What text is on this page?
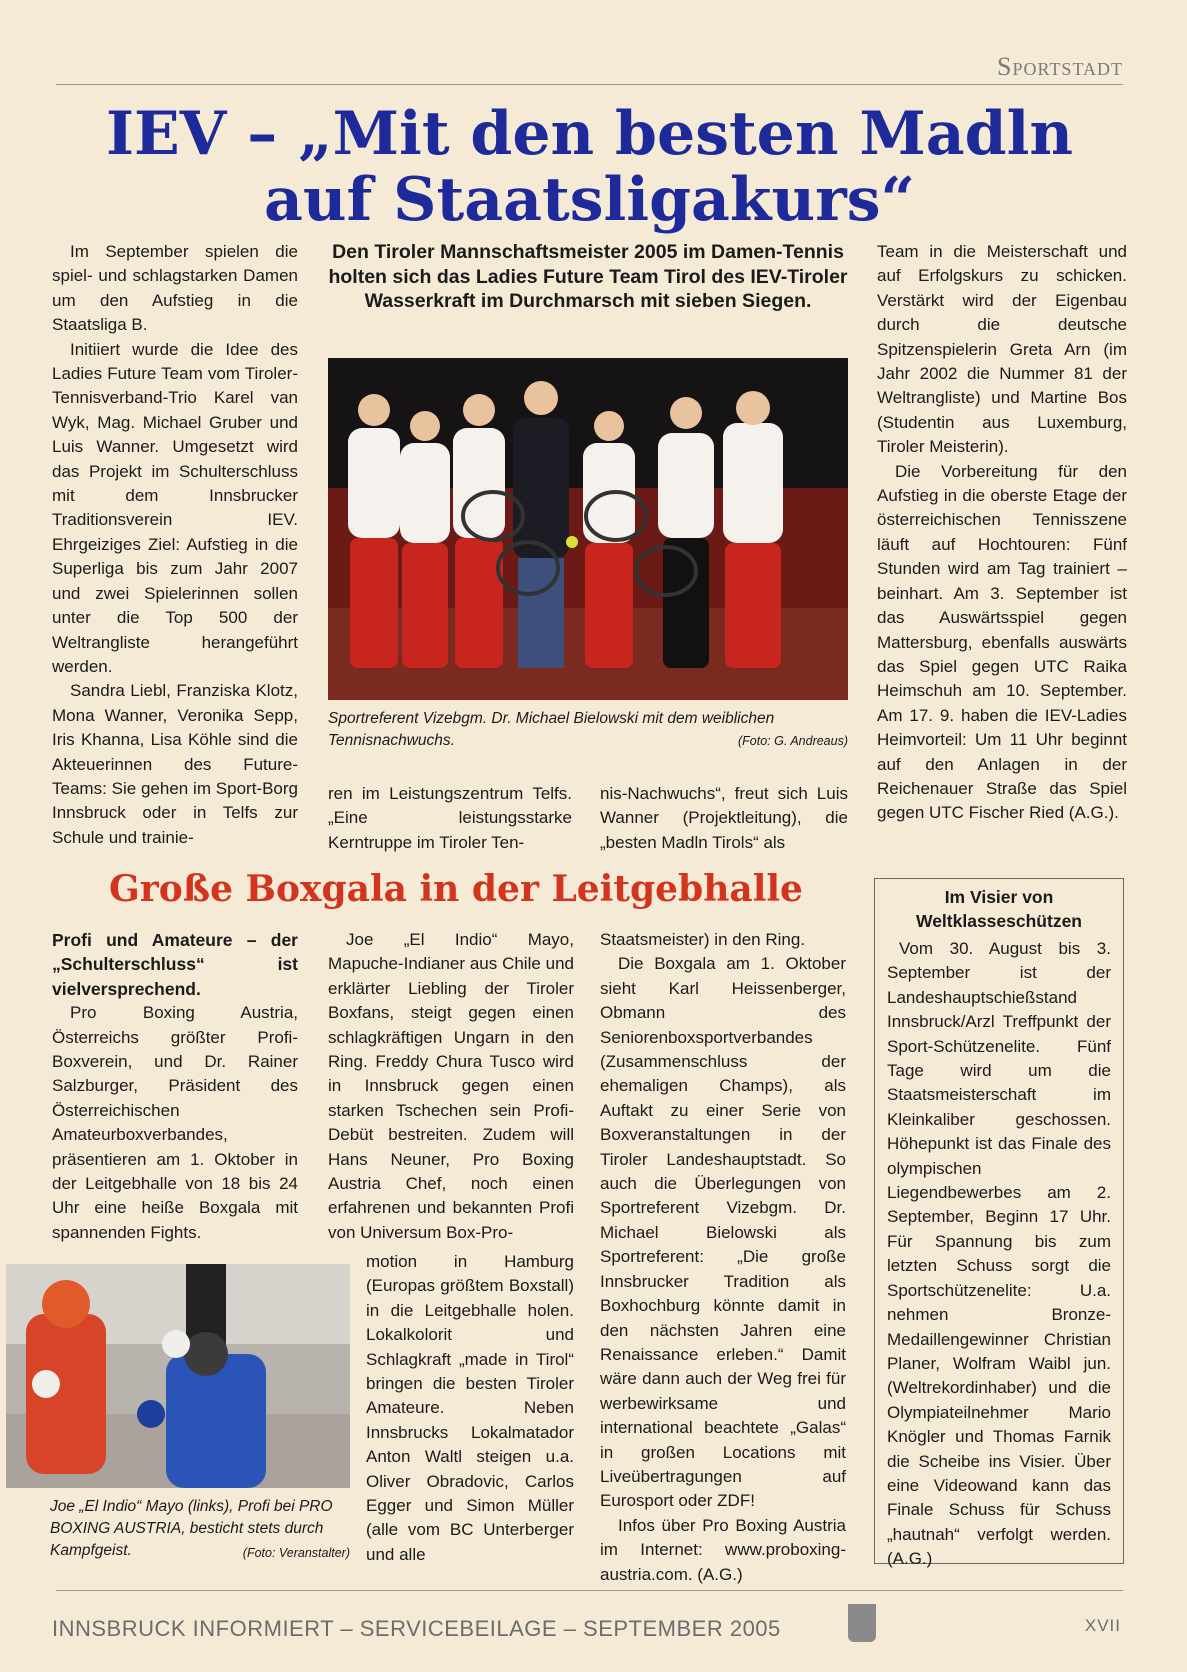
Sportstadt
IEV – „Mit den besten Madln
auf Staatsligakurs“

Im September spielen die spiel- und schlagstarken Damen um den Aufstieg in die Staatsliga B.

Initiiert wurde die Idee des Ladies Future Team vom Tiroler-Tennisverband-Trio Karel van Wyk, Mag. Michael Gruber und Luis Wanner. Umgesetzt wird das Projekt im Schulterschluss mit dem Innsbrucker Traditionsverein IEV. Ehrgeiziges Ziel: Aufstieg in die Superliga bis zum Jahr 2007 und zwei Spielerinnen sollen unter die Top 500 der Weltrangliste herangeführt werden.

Sandra Liebl, Franziska Klotz, Mona Wanner, Veronika Sepp, Iris Khanna, Lisa Köhle sind die Akteuerinnen des Future-Teams: Sie gehen im Sport-Borg Innsbruck oder in Telfs zur Schule und trainie-

Den Tiroler Mannschaftsmeister 2005 im Damen-Tennis holten sich das Ladies Future Team Tirol des IEV-Tiroler Wasserkraft im Durchmarsch mit sieben Siegen.
Sportreferent Vizebgm. Dr. Michael Bielowski mit dem weiblichen Tennisnachwuchs.	(Foto: G. Andreaus)

ren im Leistungszentrum Telfs. „Eine leistungsstarke Kerntruppe im Tiroler Ten-

nis-Nachwuchs“, freut sich Luis Wanner (Projektleitung), die „besten Madln Tirols“ als

Team in die Meisterschaft und auf Erfolgskurs zu schicken. Verstärkt wird der Eigenbau durch die deutsche Spitzenspielerin Greta Arn (im Jahr 2002 die Nummer 81 der Weltrangliste) und Martine Bos (Studentin aus Luxemburg, Tiroler Meisterin).

Die Vorbereitung für den Aufstieg in die oberste Etage der österreichischen Tennisszene läuft auf Hochtouren: Fünf Stunden wird am Tag trainiert – beinhart. Am 3. September ist das Auswärtsspiel gegen Mattersburg, ebenfalls auswärts das Spiel gegen UTC Raika Heimschuh am 10. September. Am 17. 9. haben die IEV-Ladies Heimvorteil: Um 11 Uhr beginnt auf den Anlagen in der Reichenauer Straße das Spiel gegen UTC Fischer Ried (A.G.).

Große Boxgala in der Leitgebhalle

Profi und Amateure – der „Schulterschluss“ ist vielversprechend.

Pro Boxing Austria, Österreichs größter Profi-Boxverein, und Dr. Rainer Salzburger, Präsident des Österreichischen Amateurboxverbandes, präsentieren am 1. Oktober in der Leitgebhalle von 18 bis 24 Uhr eine heiße Boxgala mit spannenden Fights.

Joe „El Indio“ Mayo (links), Profi bei PRO BOXING AUSTRIA, besticht stets durch Kampfgeist.	(Foto: Veranstalter)

Joe „El Indio“ Mayo, Mapuche-Indianer aus Chile und erklärter Liebling der Tiroler Boxfans, steigt gegen einen schlagkräftigen Ungarn in den Ring. Freddy Chura Tusco wird in Innsbruck gegen einen starken Tschechen sein Profi-Debüt bestreiten. Zudem will Hans Neuner, Pro Boxing Austria Chef, noch einen erfahrenen und bekannten Profi von Universum Box-Pro-

motion in Hamburg (Europas größtem Boxstall) in die Leitgebhalle holen. Lokalkolorit und Schlagkraft „made in Tirol“ bringen die besten Tiroler Amateure. Neben Innsbrucks Lokalmatador Anton Waltl steigen u.a. Oliver Obradovic, Carlos Egger und Simon Müller (alle vom BC Unterberger und alle

Staatsmeister) in den Ring.

Die Boxgala am 1. Oktober sieht Karl Heissenberger, Obmann des Seniorenboxsportverbandes (Zusammenschluss der ehemaligen Champs), als Auftakt zu einer Serie von Boxveranstaltungen in der Tiroler Landeshauptstadt. So auch die Überlegungen von Sportreferent Vizebgm. Dr. Michael Bielowski als Sportreferent: „Die große Innsbrucker Tradition als Boxhochburg könnte damit in den nächsten Jahren eine Renaissance erleben.“ Damit wäre dann auch der Weg frei für werbewirksame und international beachtete „Galas“ in großen Locations mit Liveübertragungen auf Eurosport oder ZDF!

Infos über Pro Boxing Austria im Internet: www.proboxing-austria.com. (A.G.)

Im Visier von Weltklasseschützen

Vom 30. August bis 3. September ist der Landeshauptschießstand Innsbruck/Arzl Treffpunkt der Sport-Schützenelite. Fünf Tage wird um die Staatsmeisterschaft im Kleinkaliber geschossen. Höhepunkt ist das Finale des olympischen Liegendbewerbes am 2. September, Beginn 17 Uhr. Für Spannung bis zum letzten Schuss sorgt die Sportschützenelite: U.a. nehmen Bronze-Medaillengewinner Christian Planer, Wolfram Waibl jun. (Weltrekordinhaber) und die Olympiateilnehmer Mario Knögler und Thomas Farnik die Scheibe ins Visier. Über eine Videowand kann das Finale Schuss für Schuss „hautnah“ verfolgt werden. (A.G.)

INNSBRUCK INFORMIERT – SERVICEBEILAGE – SEPTEMBER 2005	XVII
